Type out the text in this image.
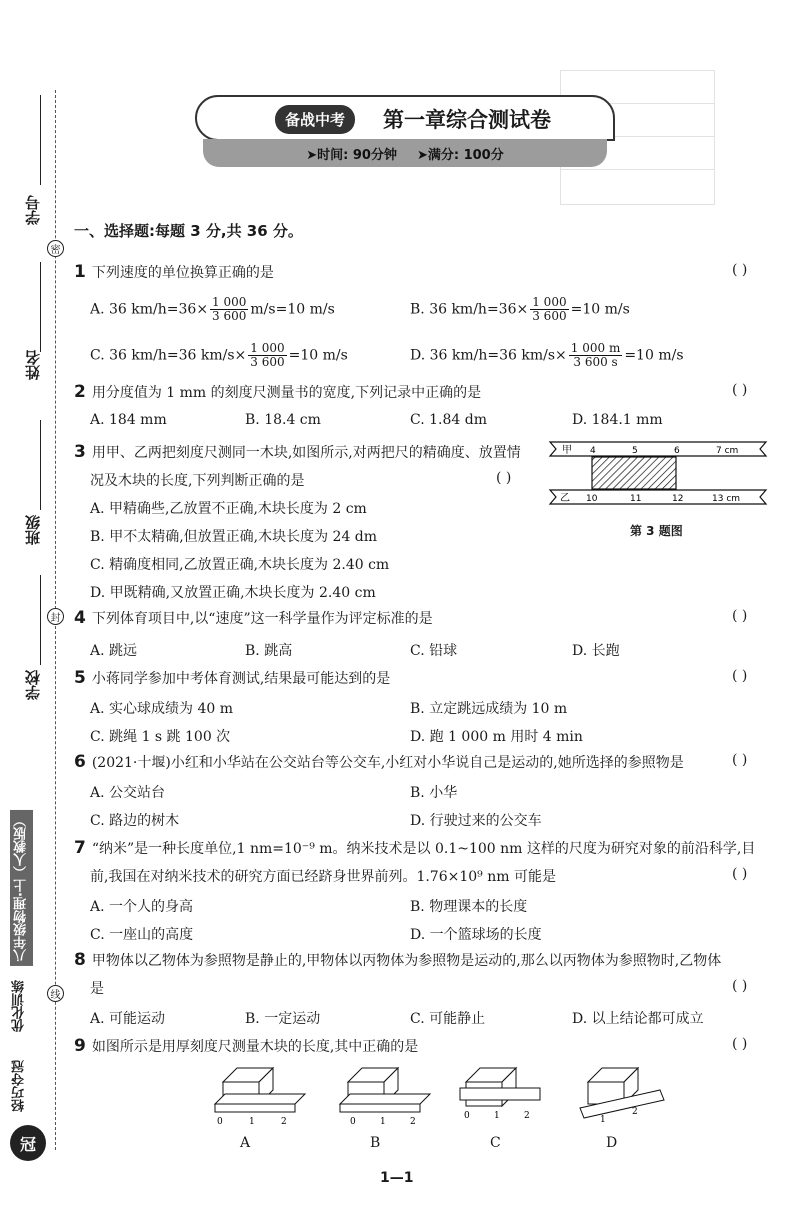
学号
密
姓名
班级
封
学校
线
八年级物理·上（人教版）
优化训练
轻巧夺冠
冠
备战中考	第一章综合测试卷
➤时间: 90分钟 ➤满分: 100分
一、选择题:每题 3 分,共 36 分。
1 下列速度的单位换算正确的是	( )
A. 36 $km/h=36\times \frac{1 000}{3 600} m/s=10$ m/s	B. 36 $km/h=36\times \frac{1 000}{3 600} =10$ m/s
C. 36 km/h=36 $km/s\times \frac{1 000}{3 600} =10$ m/s	D. 36 km/h=36 $km/s\times \frac{1 000 m}{3 600 s} =10$ m/s
2 用分度值为 1 mm 的刻度尺测量书的宽度,下列记录中正确的是	( )
A. 184 mm	B. 18.4 cm	C. 1.84 dm	D. 184.1 mm
3 用甲、乙两把刻度尺测同一木块,如图所示,对两把尺的精确度、放置情
况及木块的长度,下列判断正确的是	( )
A. 甲精确些,乙放置不正确,木块长度为 2 cm
B. 甲不太精确,但放置正确,木块长度为 24 dm
C. 精确度相同,乙放置正确,木块长度为 2.40 cm
D. 甲既精确,又放置正确,木块长度为 2.40 cm
甲 4	5	6	7 cm
乙 10	11	12	13 cm
第 3 题图
4 下列体育项目中,以“速度”这一科学量作为评定标准的是	( )
A. 跳远	B. 跳高	C. 铅球	D. 长跑
5 小蒋同学参加中考体育测试,结果最可能达到的是	( )
A. 实心球成绩为 40 m	B. 立定跳远成绩为 10 m
C. 跳绳 1 s 跳 100 次	D. 跑 1 000 m 用时 4 min
6 (2021·十堰)小红和小华站在公交站台等公交车,小红对小华说自己是运动的,她所选择的参照物是	( )
A. 公交站台	B. 小华
C. 路边的树木	D. 行驶过来的公交车
7 “纳米”是一种长度单位,1 nm=10⁻⁹ m。纳米技术是以 0.1~100 nm 这样的尺度为研究对象的前沿科学,目
前,我国在对纳米技术的研究方面已经跻身世界前列。1.76×10⁹ nm 可能是	( )
A. 一个人的身高	B. 物理课本的长度
C. 一座山的高度	D. 一个篮球场的长度
8 甲物体以乙物体为参照物是静止的,甲物体以丙物体为参照物是运动的,那么以丙物体为参照物时,乙物体
是	( )
A. 可能运动	B. 一定运动	C. 可能静止	D. 以上结论都可成立
9 如图所示是用厚刻度尺测量木块的长度,其中正确的是	( )
0	1	2	0	1	2
0	1	2	1
2
A	B	C	D
1—1
